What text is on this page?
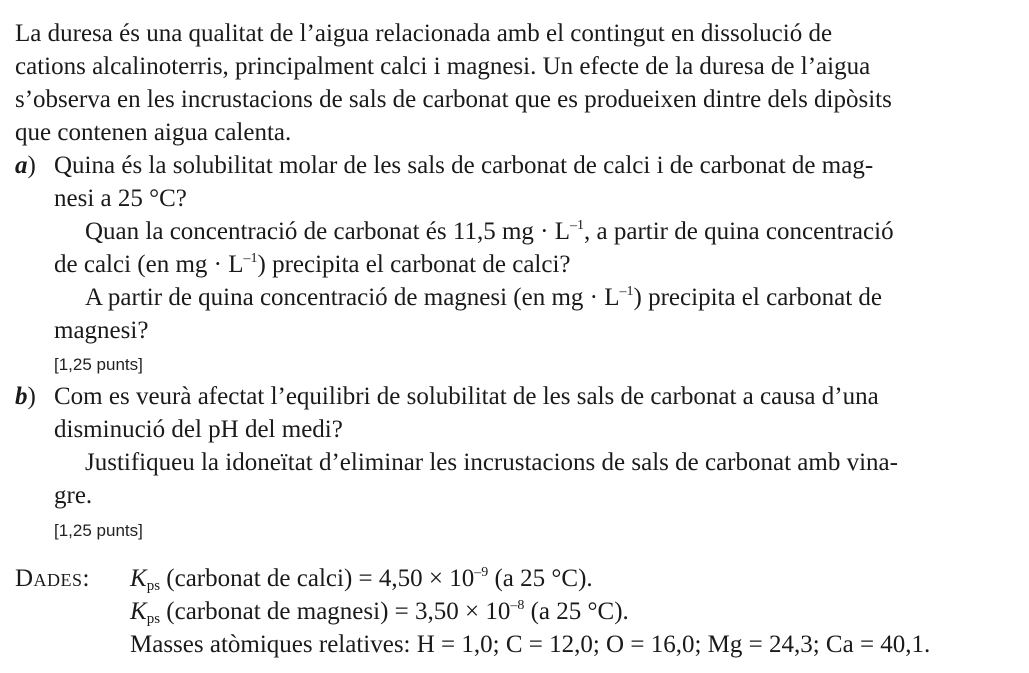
La duresa és una qualitat de l’aigua relacionada amb el contingut en dissolució de
cations alcalinoterris, principalment calci i magnesi. Un efecte de la duresa de l’aigua
s’observa en les incrustacions de sals de carbonat que es produeixen dintre dels dipòsits
que contenen aigua calenta.
a) Quina és la solubilitat molar de les sals de carbonat de calci i de carbonat de mag-
nesi a 25 °C?
Quan la concentració de carbonat és 11,5 mg · $L^{-1}$, a partir de quina concentració
de calci (en mg · $L^{-1}$) precipita el carbonat de calci?
A partir de quina concentració de magnesi (en mg · $L^{-1}$) precipita el carbonat de
magnesi?
[1,25 punts]
b) Com es veurà afectat l’equilibri de solubilitat de les sals de carbonat a causa d’una
disminució del pH del medi?
Justifiqueu la idoneïtat d’eliminar les incrustacions de sals de carbonat amb vina-
gre.
[1,25 punts]
Dades: $K_{ps}$ (carbonat de calci) = $4,50 \times 10^{-9}$ (a 25 °C).
$K_{ps}$ (carbonat de magnesi) = $3,50 \times 10^{-8}$ (a 25 °C).
Masses atòmiques relatives: H = 1,0; C = 12,0; O = 16,0; Mg = 24,3; Ca = 40,1.
